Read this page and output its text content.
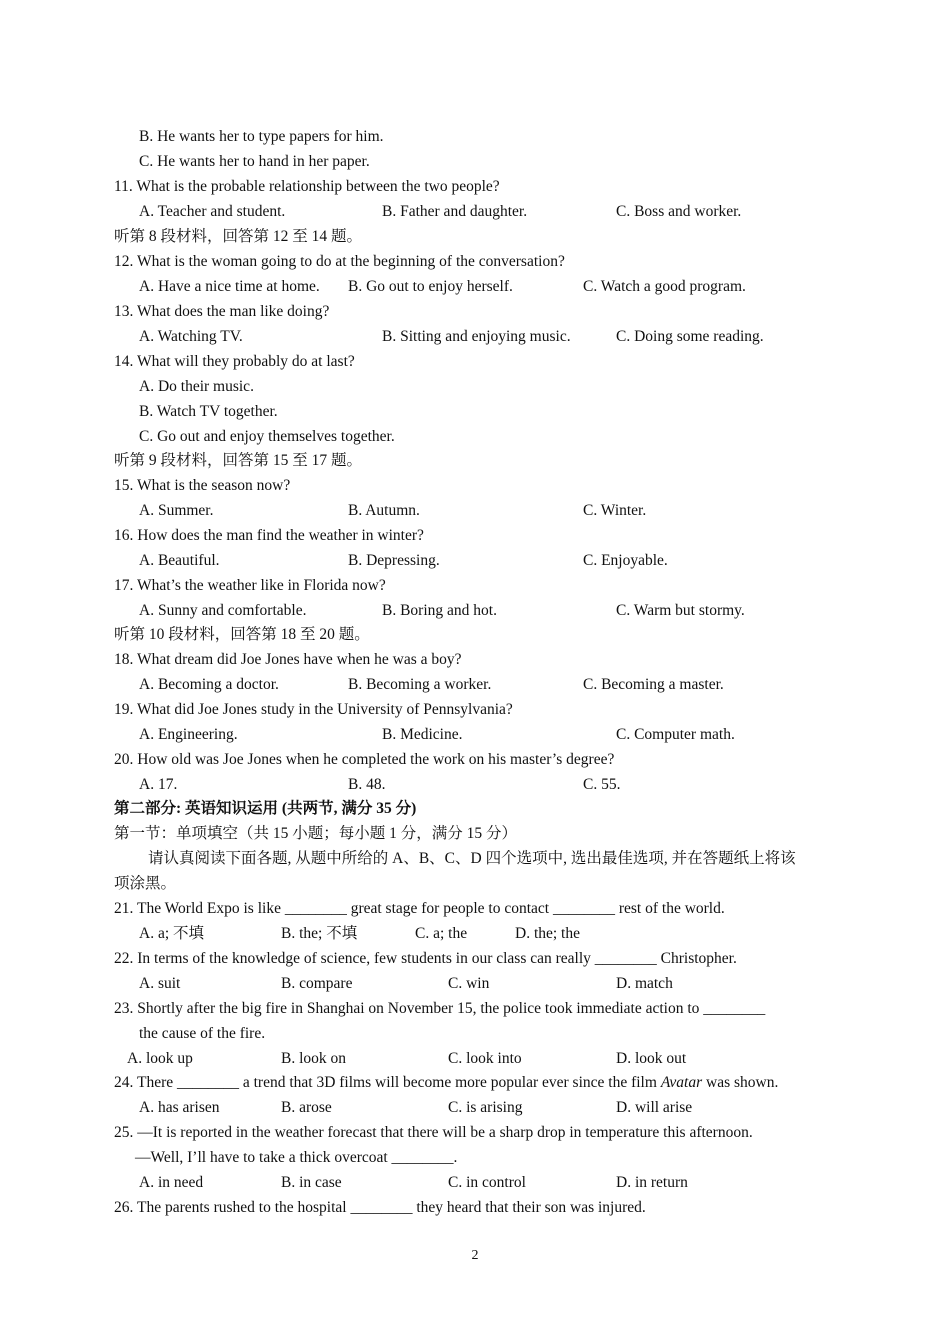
B. He wants her to type papers for him.
C. He wants her to hand in her paper.
11. What is the probable relationship between the two people?
A. Teacher and student.	B. Father and daughter.	C. Boss and worker.
听第 8 段材料，回答第 12 至 14 题。
12. What is the woman going to do at the beginning of the conversation?
A. Have a nice time at home. B. Go out to enjoy herself.	C. Watch a good program.
13. What does the man like doing?
A. Watching TV.	B. Sitting and enjoying music.	C. Doing some reading.
14. What will they probably do at last?
A. Do their music.
B. Watch TV together.
C. Go out and enjoy themselves together.
听第 9 段材料，回答第 15 至 17 题。
15. What is the season now?
A. Summer.	B. Autumn.	C. Winter.
16. How does the man find the weather in winter?
A. Beautiful.	B. Depressing.	C. Enjoyable.
17. What’s the weather like in Florida now?
A. Sunny and comfortable.	B. Boring and hot.	C. Warm but stormy.
听第 10 段材料，回答第 18 至 20 题。
18. What dream did Joe Jones have when he was a boy?
A. Becoming a doctor.	B. Becoming a worker.	C. Becoming a master.
19. What did Joe Jones study in the University of Pennsylvania?
A. Engineering.	B. Medicine.	C. Computer math.
20. How old was Joe Jones when he completed the work on his master’s degree?
A. 17.	B. 48.	C. 55.
第二部分: 英语知识运用 (共两节, 满分 35 分)
第一节：单项填空（共 15 小题；每小题 1 分，满分 15 分）
请认真阅读下面各题, 从题中所给的 A、B、C、D 四个选项中, 选出最佳选项, 并在答题纸上将该
项涂黑。
21. The World Expo is like ________ great stage for people to contact ________ rest of the world.
A. a; 不填	B. the; 不填	C. a; the	D. the; the
22. In terms of the knowledge of science, few students in our class can really ________ Christopher.
A. suit	B. compare	C. win	D. match
23. Shortly after the big fire in Shanghai on November 15, the police took immediate action to ________
the cause of the fire.
A. look up	B. look on	C. look into	D. look out
24. There ________ a trend that 3D films will become more popular ever since the film Avatar was shown.
A. has arisen	B. arose	C. is arising	D. will arise
25. —It is reported in the weather forecast that there will be a sharp drop in temperature this afternoon.
—Well, I’ll have to take a thick overcoat ________.
A. in need	B. in case	C. in control	D. in return
26. The parents rushed to the hospital ________ they heard that their son was injured.
2
